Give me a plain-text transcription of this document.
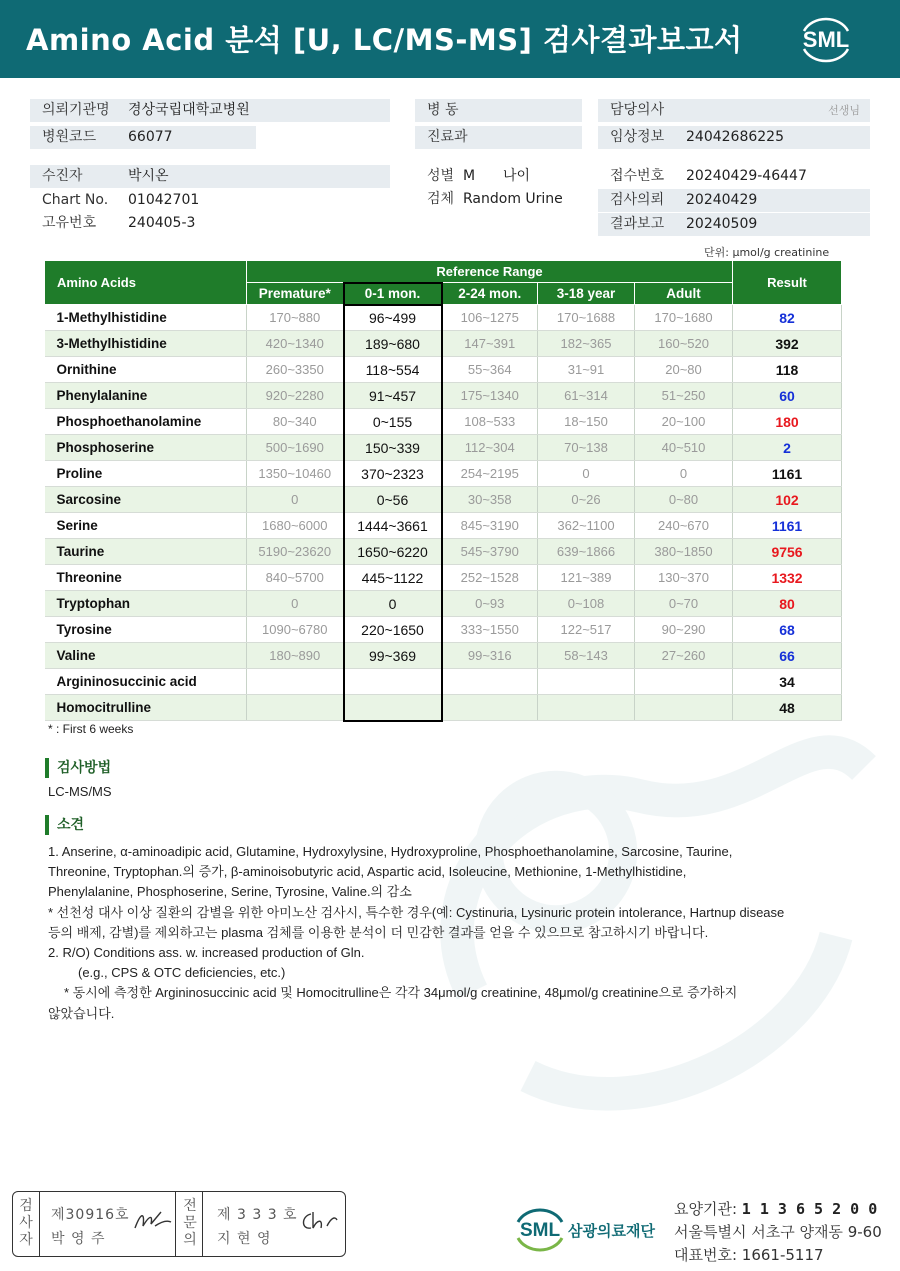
Amino Acid 분석 [U, LC/MS-MS] 검사결과보고서	SML
의뢰기관명 경상국립대학교병원
병원코드 66077
병 동
진료과
담당의사	선생님
임상정보 24042686225
수진자	박시온
Chart No. 01042701
고유번호 240405-3
성별 M 나이
검체 Random Urine
접수번호 20240429-46447
검사의뢰 20240429
결과보고 20240509
단위: μmol/g creatinine
Amino Acids	Reference Range					Result
	Premature*	0-1 mon.	2-24 mon.	3-18 year	Adult	
1-Methylhistidine	170~880	96~499	106~1275	170~1688	170~1680	82
3-Methylhistidine	420~1340	189~680	147~391	182~365	160~520	392
Ornithine	260~3350	118~554	55~364	31~91	20~80	118
Phenylalanine	920~2280	91~457	175~1340	61~314	51~250	60
Phosphoethanolamine	80~340	0~155	108~533	18~150	20~100	180
Phosphoserine	500~1690	150~339	112~304	70~138	40~510	2
Proline	1350~10460	370~2323	254~2195	0	0	1161
Sarcosine	0	0~56	30~358	0~26	0~80	102
Serine	1680~6000	1444~3661	845~3190	362~1100	240~670	1161
Taurine	5190~23620	1650~6220	545~3790	639~1866	380~1850	9756
Threonine	840~5700	445~1122	252~1528	121~389	130~370	1332
Tryptophan	0	0	0~93	0~108	0~70	80
Tyrosine	1090~6780	220~1650	333~1550	122~517	90~290	68
Valine	180~890	99~369	99~316	58~143	27~260	66
Argininosuccinic acid						34
Homocitrulline						48
* : First 6 weeks
검사방법
LC-MS/MS
소견

1. Anserine, α-aminoadipic acid, Glutamine, Hydroxylysine, Hydroxyproline, Phosphoethanolamine, Sarcosine, Taurine,

Threonine, Tryptophan.의 증가, β-aminoisobutyric acid, Aspartic acid, Isoleucine, Methionine, 1-Methylhistidine,

Phenylalanine, Phosphoserine, Serine, Tyrosine, Valine.의 감소

* 선천성 대사 이상 질환의 감별을 위한 아미노산 검사시, 특수한 경우(예: Cystinuria, Lysinuric protein intolerance, Hartnup disease

등의 배제, 감별)를 제외하고는 plasma 검체를 이용한 분석이 더 민감한 결과를 얻을 수 있으므로 참고하시기 바랍니다.

2. R/O) Conditions ass. w. increased production of Gln.

(e.g., CPS & OTC deficiencies, etc.)

* 동시에 측정한 Argininosuccinic acid 및 Homocitrulline은 각각 34μmol/g creatinine, 48μmol/g creatinine으로 증가하지

않았습니다.

검
사
자
제30916호
박 영 주
전
문
의
제 3 3 3 호
지 현 영	SML 삼광의료재단
요양기관: 1 1 3 6 5 2 0 0
서울특별시 서초구 양재동 9-60
대표번호: 1661-5117
